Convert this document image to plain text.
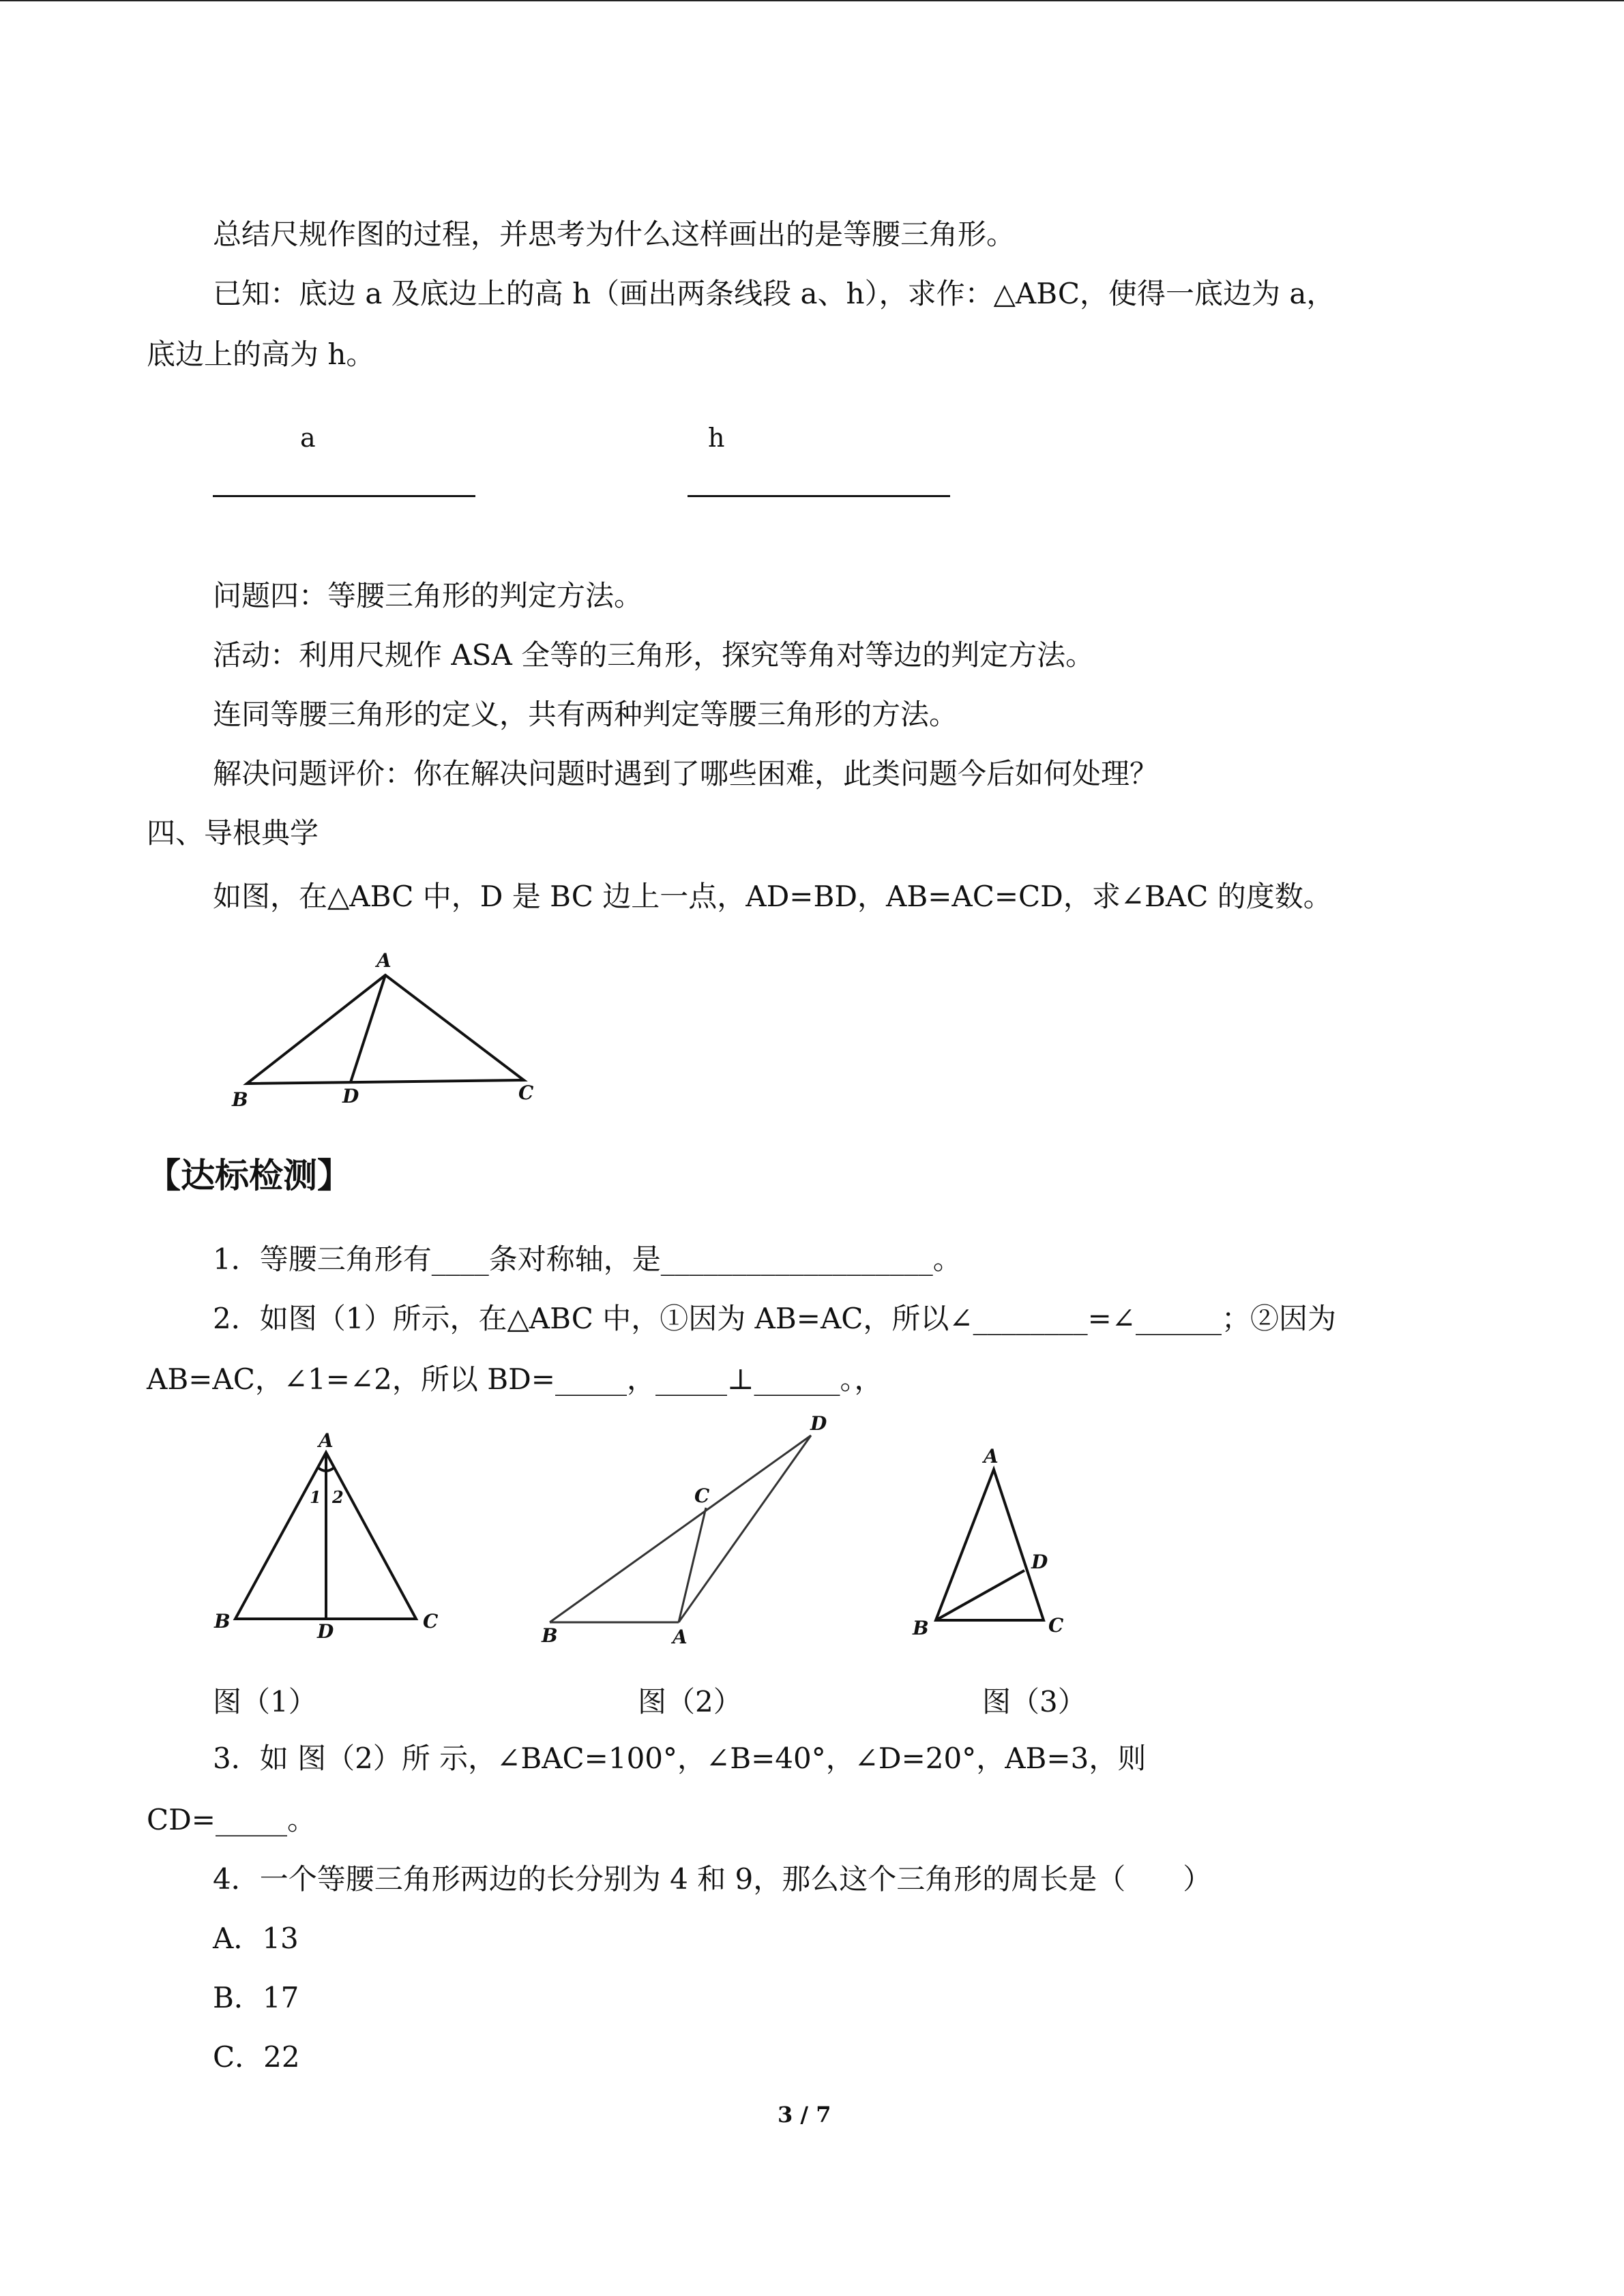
总结尺规作图的过程，并思考为什么这样画出的是等腰三角形。
已知：底边 a 及底边上的高 h（画出两条线段 a、h），求作：△ABC，使得一底边为 a，
底边上的高为 h。
a	h
问题四：等腰三角形的判定方法。
活动：利用尺规作 ASA 全等的三角形，探究等角对等边的判定方法。
连同等腰三角形的定义，共有两种判定等腰三角形的方法。
解决问题评价：你在解决问题时遇到了哪些困难，此类问题今后如何处理？
四、导根典学
如图，在△ABC 中，D 是 BC 边上一点，AD=BD，AB=AC=CD，求∠BAC 的度数。
A
B	D	C
【达标检测】
1．等腰三角形有____条对称轴，是___________________。
2．如图（1）所示，在△ABC 中，①因为 AB=AC，所以∠________=∠______；②因为
AB=AC，∠1=∠2，所以 BD=_____，_____⊥______。，
A
B	D	C
1 2
B	A
C
D
A
B
D
C
图（1）	图（2）	图（3）
3．如 图（2）所 示，∠BAC=100°，∠B=40°，∠D=20°，AB=3，则
CD=_____。
4．一个等腰三角形两边的长分别为 4 和 9，那么这个三角形的周长是（　　）
A．13
B．17
C．22
3 / 7
